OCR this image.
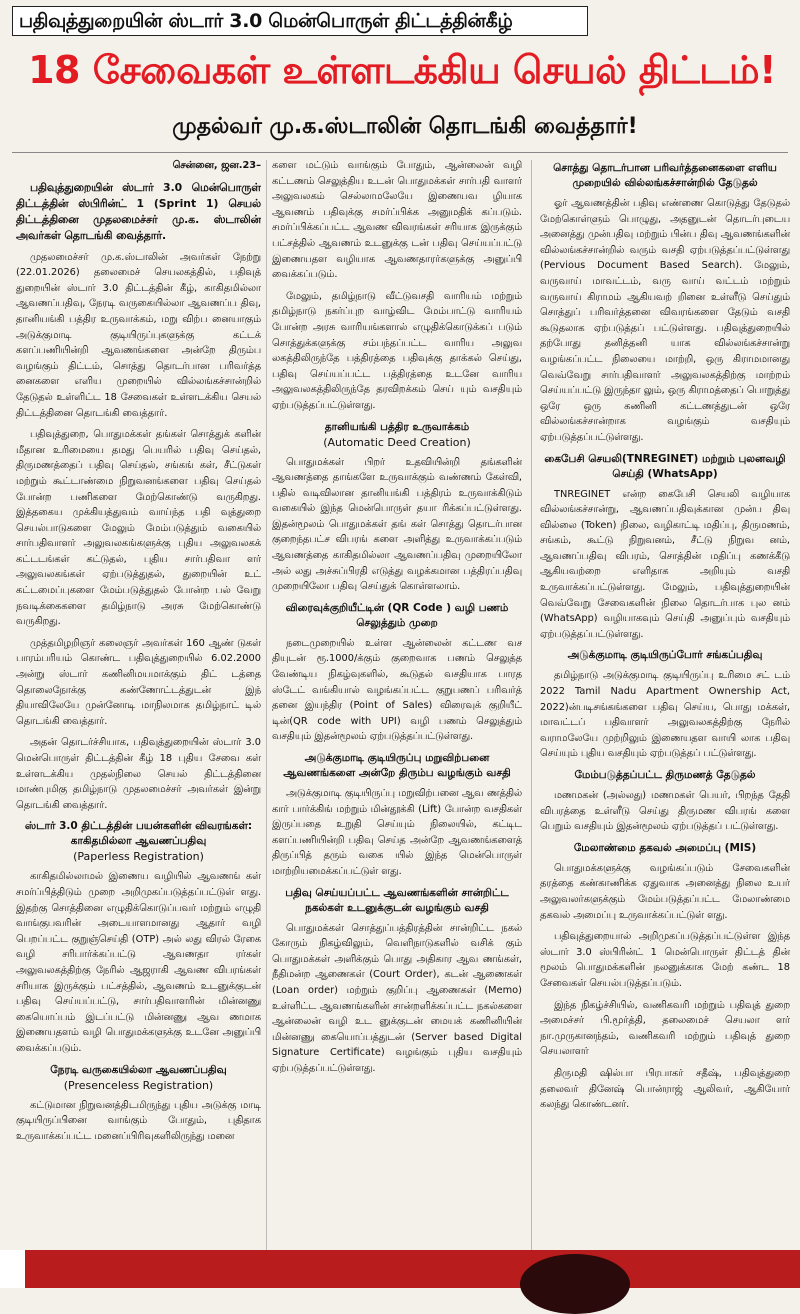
பதிவுத்துறையின் ஸ்டார் 3.0 மென்பொருள் திட்டத்தின்கீழ்
18 சேவைகள் உள்ளடக்கிய செயல் திட்டம்!
முதல்வர் மு.க.ஸ்டாலின் தொடங்கி வைத்தார்!
சென்னை, ஜன.23–
பதிவுத்துறையின் ஸ்டார் 3.0 மென்பொருள் திட்டத்தின் ஸ்பிரின்ட் 1 (Sprint 1) செயல் திட்டத்தினை முதலமைச்சர் மு.க. ஸ்டாலின் அவர்கள் தொடங்கி வைத்தார்.

முதலமைச்சர் மு.க.ஸ்டாலின் அவர்கள் நேற்று (22.01.2026) தலைமைச் செயலகத்தில், பதிவுத் துறையின் ஸ்டார் 3.0 திட்டத்தின் கீழ், காகிதமில்லா ஆவணப்பதிவு, நேரடி வருகையில்லா ஆவணப்ப திவு, தானியங்கி பத்திர உருவாக்கம், மறு விற்ப னையாகும் அடுக்குமாடி குடியிருப்புகளுக்கு கட்டக் களப்பணியின்றி ஆவணங்களை அன்றே திரும்ப வழங்கும் திட்டம், சொத்து தொடர்பான பரிவர்த்த னைகளை எளிய முறையில் வில்லங்கச்சான்றில் தேடுதல் உள்ளிட்ட 18 சேவைகள் உள்ளடக்கிய செயல் திட்டத்தினை தொடங்கி வைத்தார்.

பதிவுத்துறை, பொதுமக்கள் தங்கள் சொத்துக் களின் மீதான உரிமையை தமது பெயரில் பதிவு செய்தல், திருமணத்தைப் பதிவு செய்தல், சங்கங் கள், சீட்டுகள் மற்றும் கூட்டாண்மை நிறுவனங்களை பதிவு செய்தல் போன்ற பணிகளை மேற்கொண்டு வருகிறது. இத்தகைய முக்கியத்துவம் வாய்ந்த பதி வுத்துறை செயல்பாடுகளை மேலும் மேம்படுத்தும் வகையில் சார்பதிவாளர் அலுவலகங்களுக்கு புதிய அலுவலகக் கட்டடங்கள் கட்டுதல், புதிய சார்பதிவா ளர் அலுவலகங்கள் ஏற்படுத்துதல், துறையின் உட் கட்டமைப்புகளை மேம்படுத்துதல் போன்ற பல் வேறு நவடிக்கைகளை தமிழ்நாடு அரசு மேற்கொண்டு வருகிறது.

முத்தமிழறிஞர் கலைஞர் அவர்கள் 160 ஆண் டுகள் பாரம்பரியம் கொண்ட பதிவுத்துறையில் 6.02.2000 அன்று ஸ்டார் கணினிமயமாக்கும் திட் டத்தை தொலைநோக்கு கண்ணோட்டத்துடன் இந் தியாவிலேயே முன்னோடி மாநிலமாக தமிழ்நாட் டில் தொடங்கி வைத்தார்.

அதன் தொடர்ச்சியாக, பதிவுத்துறையின் ஸ்டார் 3.0 மென்பொருள் திட்டத்தின் கீழ் 18 புதிய சேவை கள் உள்ளடக்கிய முதல்நிலை செயல் திட்டத்தினை மாண்புமிகு தமிழ்நாடு முதலமைச்சர் அவர்கள் இன்று தொடங்கி வைத்தார்.

ஸ்டார் 3.0 திட்டத்தின் பயன்களின் விவரங்கள்: காகிதமில்லா ஆவணப்பதிவு
(Paperless Registration)

காகிதமில்லாமல் இணைய வழியில் ஆவணங் கள் சமர்ப்பித்திடும் முறை அறிமுகப்படுத்தப்பட்டுள் ளது. இதற்கு சொத்தினை எழுதிக்கொடுப்பவர் மற்றும் எழுதி வாங்குபவரின் அடையாளமானது ஆதார் வழி பெறப்பட்ட குறுஞ்செய்தி (OTP) அல் லது விரல் ரேகை வழி சரிபார்க்கப்பட்டு ஆவணதா ரர்கள் அலுவலகத்திற்கு நேரில் ஆஜராகி ஆவண விபரங்கள் சரியாக இருக்கும் பட்சத்தில், ஆவணம் உடனுக்குடன் பதிவு செய்யப்பட்டு, சார்பதிவாளரின் மின்னணு கையொப்பம் இடப்பட்டு மின்னணு ஆவ ணமாக இணையதளம் வழி பொதுமக்களுக்கு உடனே அனுப்பி வைக்கப்படும்.

நேரடி வருகையில்லா ஆவணப்பதிவு
(Presenceless Registration)

கட்டுமான நிறுவனத்திடமிருந்து புதிய அடுக்கு மாடி குடியிருப்பினை வாங்கும் போதும், புதிதாக உருவாக்கப்பட்ட மனைப்பிரிவுகளிலிருந்து மனை

களை மட்டும் வாங்கும் போதும், ஆன்லைன் வழி கட்டணம் செலுத்திய உடன் பொதுமக்கள் சார்பதி வாளர் அலுவலகம் செல்லாமலேயே இணையவ ழியாக ஆவணம் பதிவுக்கு சமர்ப்பிக்க அனுமதிக் கப்படும். சமர்ப்பிக்கப்பட்ட ஆவண விவரங்கள் சரியாக இருக்கும் பட்சத்தில் ஆவணம் உடனுக்கு டன் பதிவு செய்யப்பட்டு இணையதள வழியாக ஆவணதாரர்களுக்கு அனுப்பி வைக்கப்படும்.

மேலும், தமிழ்நாடு வீட்டுவசதி வாரியம் மற்றும் தமிழ்நாடு நகர்ப்புற வாழ்விட மேம்பாட்டு வாரியம் போன்ற அரசு வாரியங்களால் எழுதிக்கொடுக்கப் படும் சொத்துக்களுக்கு சம்பந்தப்பட்ட வாரிய அலுவ லகத்திலிருந்தே பத்திரத்தை பதிவுக்கு தாக்கல் செய்து, பதிவு செய்யப்பட்ட பத்திரத்தை உடனே வாரிய அலுவலகத்திலிருந்தே தரவிறக்கம் செய் யும் வசதியும் ஏற்படுத்தப்பட்டுள்ளது.

தானியங்கி பத்திர உருவாக்கம்
(Automatic Deed Creation)

பொதுமக்கள் பிறர் உதவியின்றி தங்களின் ஆவணத்தை தாங்களே உருவாக்கும் வண்ணம் கேள்வி, பதில் வடிவிலான தானியங்கி பத்திரம் உருவாக்கிடும் வகையில் இந்த மென்பொருள் தயா ரிக்கப்பட்டுள்ளது. இதன்மூலம் பொதுமக்கள் தங் கள் சொத்து தொடர்பான குறைந்தபட்ச விபரங் களை அளித்து உருவாக்கப்படும் ஆவணத்தை காகிதமில்லா ஆவணப்பதிவு முறையிலோ அல் லது அச்சுப்பிரதி எடுத்து வழக்கமான பத்திரப்பதிவு முறையிலோ பதிவு செய்துக் கொள்ளலாம்.

விரைவுக்குறியீட்டின் (QR Code ) வழி பணம் செலுத்தும் முறை

நடைமுறையில் உள்ள ஆன்லைன் கட்டண வச தியுடன் ரூ.1000/க்கும் குறைவாக பணம் செலுத்த வேண்டிய நிகழ்வுகளில், கூடுதல் வசதியாக பாரத ஸ்டேட் வங்கியால் வழங்கப்பட்ட குறுபணப் பரிவர்த் தனை இயந்திர (Point of Sales) விரைவுக் குறியீட் டின்(QR code with UPI) வழி பணம் செலுத்தும் வசதியும் இதன்மூலம் ஏற்படுத்தப்பட்டுள்ளது.

அடுக்குமாடி குடியிருப்பு மறுவிற்பனை ஆவணங்களை அன்றே திரும்ப வழங்கும் வசதி

அடுக்குமாடி குடியிருப்பு மறுவிற்பனை ஆவ ணத்தில் கார் பார்க்கிங் மற்றும் மின்தூக்கி (Lift) போன்ற வசதிகள் இருப்பதை உறுதி செய்யும் நிலையில், கட்டிட களப்பணியின்றி பதிவு செய்த அன்றே ஆவணங்களைத் திருப்பித் தரும் வகை யில் இந்த மென்பொருள் மாற்றியமைக்கப்பட்டுள் ளது.

பதிவு செய்யப்பட்ட ஆவணங்களின் சான்றிட்ட நகல்கள் உடனுக்குடன் வழங்கும் வசதி

பொதுமக்கள் சொத்துப்பத்திரத்தின் சான்றிட்ட நகல் கோரும் நிகழ்விலும், வெளிநாடுகளில் வசிக் கும் பொதுமக்கள் அளிக்கும் பொது அதிகார ஆவ ணங்கள், நீதிமன்ற ஆணைகள் (Court Order), கடன் ஆணைகள் (Loan order) மற்றும் குறிப்பு ஆணைகள் (Memo) உள்ளிட்ட ஆவணங்களின் சான்றளிக்கப்பட்ட நகல்களை ஆன்லைன் வழி உட னுக்குடன் மையக் கணினியின் மின்னணு கையொப்பத்துடன் (Server based Digital Signature Certificate) வழங்கும் புதிய வசதியும் ஏற்படுத்தப்பட்டுள்ளது.

சொத்து தொடர்பான பரிவர்த்தனைகளை எளிய முறையில் வில்லங்கச்சான்றில் தேடுதல்

ஓர் ஆவணத்தின் பதிவு எண்ணை கொடுத்து தேடுதல் மேற்கொள்ளும் பொழுது, அதனுடன் தொடர்புடைய அனைத்து முன்பதிவு மற்றும் பின்ப திவு ஆவணங்களின் வில்லங்கச்சான்றில் வரும் வசதி ஏற்படுத்தப்பட்டுள்ளது (Pervious Document Based Search). மேலும், வருவாய் மாவட்டம், வரு வாய் வட்டம் மற்றும் வருவாய் கிராமம் ஆகியவற் றினை உள்ளீடு செய்தும் சொத்துப் பரிவர்த்தனை விவரங்களை தேடும் வசதி கூடுதலாக ஏற்படுத்தப் பட்டுள்ளது. பதிவுத்துறையில் தற்போது தனித்தனி யாக வில்லங்கச்சான்று வழங்கப்பட்ட நிலையை மாற்றி, ஒரு கிராமமானது வெவ்வேறு சார்பதிவாளர் அலுவலகத்திற்கு மாற்றம் செய்யப்பட்டு இருந்தா லும், ஒரு கிராமத்தைப் பொறுத்து ஒரே ஒரு கணினி கட்டணத்துடன் ஒரே வில்லங்கச்சான்றாக வழங்கும் வசதியும் ஏற்படுத்தப்பட்டுள்ளது.

கைபேசி செயலி(TNREGINET) மற்றும் புலனவழி செய்தி (WhatsApp)

TNREGINET என்ற கைபேசி செயலி வழியாக வில்லங்கச்சான்று, ஆவணப்பதிவுக்கான முன்ப திவு வில்லை (Token) நிலை, வழிகாட்டி மதிப்பு, திருமணம், சங்கம், கூட்டு நிறுவனம், சீட்டு நிறுவ னம், ஆவணப்பதிவு விபரம், சொத்தின் மதிப்பு கணக்கீடு ஆகியவற்றை எளிதாக அறியும் வசதி உருவாக்கப்பட்டுள்ளது. மேலும், பதிவுத்துறையின் வெவ்வேறு சேவைகளின் நிலை தொடர்பாக புல னம் (WhatsApp) வழியாகவும் செய்தி அனுப்பும் வசதியும் ஏற்படுத்தப்பட்டுள்ளது.

அடுக்குமாடி குடியிருப்போர் சங்கப்பதிவு

தமிழ்நாடு அடுக்குமாடி குடியிருப்பு உரிமை சட் டம் 2022 Tamil Nadu Apartment Ownership Act, 2022)ன்படிசங்கங்களை பதிவு செய்ய, பொது மக்கள், மாவட்டப் பதிவாளர் அலுவலகத்திற்கு நேரில் வராமலேயே முற்றிலும் இணையதள வாயி லாக பதிவு செய்யும் புதிய வசதியும் ஏற்படுத்தப் பட்டுள்ளது.

மேம்படுத்தப்பட்ட திருமணத் தேடுதல்

மணமகன் (அல்லது) மணமகள் பெயர், பிறந்த தேதி விபரத்தை உள்ளீடு செய்து திருமண விபரங் களை பெறும் வசதியும் இதன்மூலம் ஏற்படுத்தப் பட்டுள்ளது.

மேலாண்மை தகவல் அமைப்பு (MIS)

பொதுமக்களுக்கு வழங்கப்படும் சேவைகளின் தரத்தை கண்காணிக்க ஏதுவாக அனைத்து நிலை உயர் அலுவலர்களுக்கும் மேம்படுத்தப்பட்ட மேலாண்மை தகவல் அமைப்பு உருவாக்கப்பட்டுள் ளது.

பதிவுத்துறையால் அறிமுகப்படுத்தப்பட்டுள்ள இந்த ஸ்டார் 3.0 ஸ்பிரின்ட் 1 மென்பொருள் திட்டத் தின் மூலம் பொதுமக்களின் நலனுக்காக மேற் கண்ட 18 சேவைகள் செயல்படுத்தப்படும்.

இந்த நிகழ்ச்சியில், வணிகவரி மற்றும் பதிவுத் துறை அமைச்சர் பி.மூர்த்தி, தலைமைச் செயலா ளர் நா.முருகானந்தம், வணிகவரி மற்றும் பதிவுத் துறை செயலாளர்

திருமதி ஷில்பா பிரபாகர் சதீஷ், பதிவுத்துறை தலைவர் தினேஷ் பொன்ராஜ் ஆலிவர், ஆகியோர் கலந்து கொண்டனர்.
